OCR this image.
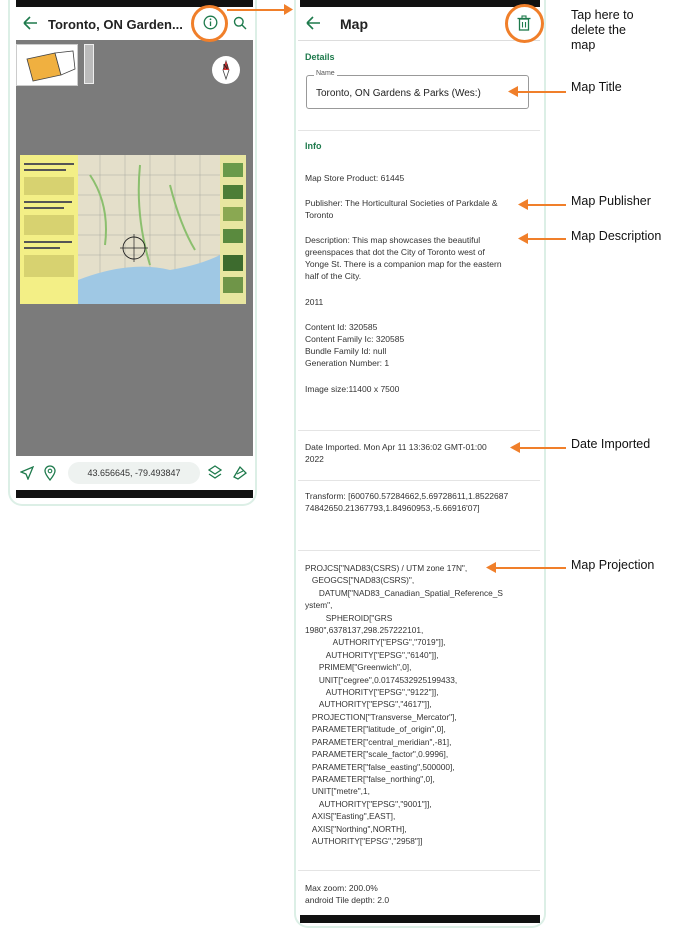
Toronto, ON Garden...
N
43.656645, -79.493847
Map
Details
Name
Toronto, ON Gardens & Parks (Wes:)
Info
Map Store Product: 61445
Publisher: The Horticultural Societies of Parkdale &
Toronto
Description: This map showcases the beautiful
greenspaces that dot the City of Toronto west of
Yonge St. There is a companion map for the eastern
half of the City.
2011
Content Id: 320585
Content Family Ic: 320585
Bundle Family Id: null
Generation Number: 1
Image size:11400 x 7500
Date Imported. Mon Apr 11 13:36:02 GMT-01:00
2022
Transform: [600760.57284662,5.69728611,1.8522687
74842650.21367793,1.84960953,-5.66916'07]
PROJCS["NAD83(CSRS) / UTM zone 17N",
GEOGCS["NAD83(CSRS)",
DATUM["NAD83_Canadian_Spatial_Reference_S
ystem",
SPHEROID["GRS
1980",6378137,298.257222101,
AUTHORITY["EPSG","7019"]],
AUTHORITY["EPSG","6140"]],
PRIMEM["Greenwich",0],
UNIT["cegree",0.0174532925199433,
AUTHORITY["EPSG","9122"]],
AUTHORITY["EPSG","4617"]],
PROJECTION["Transverse_Mercator"],
PARAMETER["latitude_of_origin",0],
PARAMETER["central_meridian",-81],
PARAMETER["scale_factor",0.9996],
PARAMETER["false_easting",500000],
PARAMETER["false_northing",0],
UNIT["metre",1,
AUTHORITY["EPSG","9001"]],
AXIS["Easting",EAST],
AXIS["Northing",NORTH],
AUTHORITY["EPSG","2958"]]
Max zoom: 200.0%
android Tile depth: 2.0
Tap here to
delete the
map
Map Title
Map Publisher
Map Description
Date Imported
Map Projection
